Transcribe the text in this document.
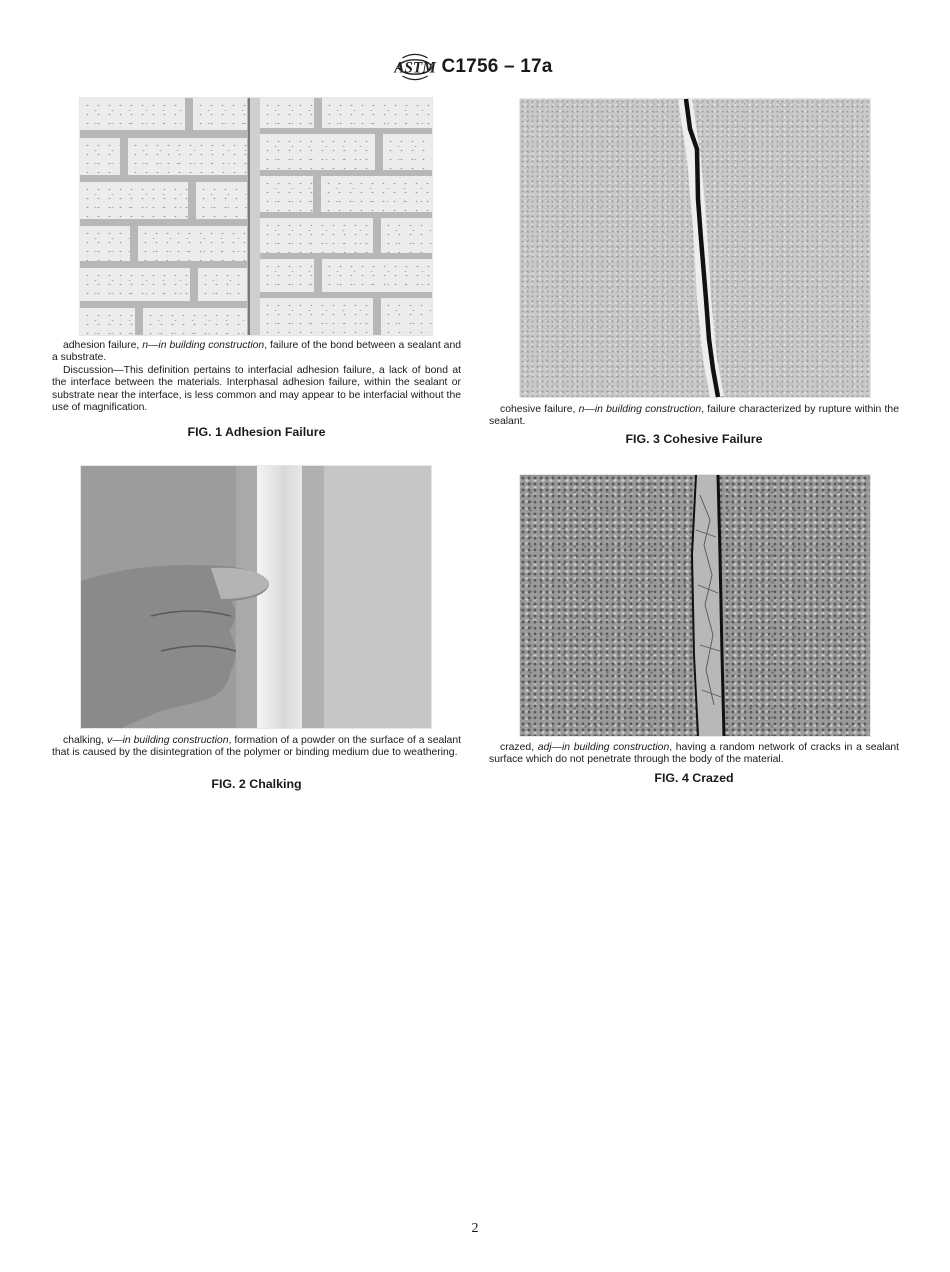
ASTM C1756 – 17a

adhesion failure, n—in building construction, failure of the bond between a sealant and a substrate.

Discussion—This definition pertains to interfacial adhesion failure, a lack of bond at the interface between the materials. Interphasal adhesion failure, within the sealant or substrate near the interface, is less common and may appear to be interfacial without the use of magnification.

FIG. 1 Adhesion Failure

cohesive failure, n—in building construction, failure characterized by rupture within the sealant.

FIG. 3 Cohesive Failure

chalking, v—in building construction, formation of a powder on the surface of a sealant that is caused by the disintegration of the polymer or binding medium due to weathering.

FIG. 2 Chalking

crazed, adj—in building construction, having a random network of cracks in a sealant surface which do not penetrate through the body of the material.

FIG. 4 Crazed
2
